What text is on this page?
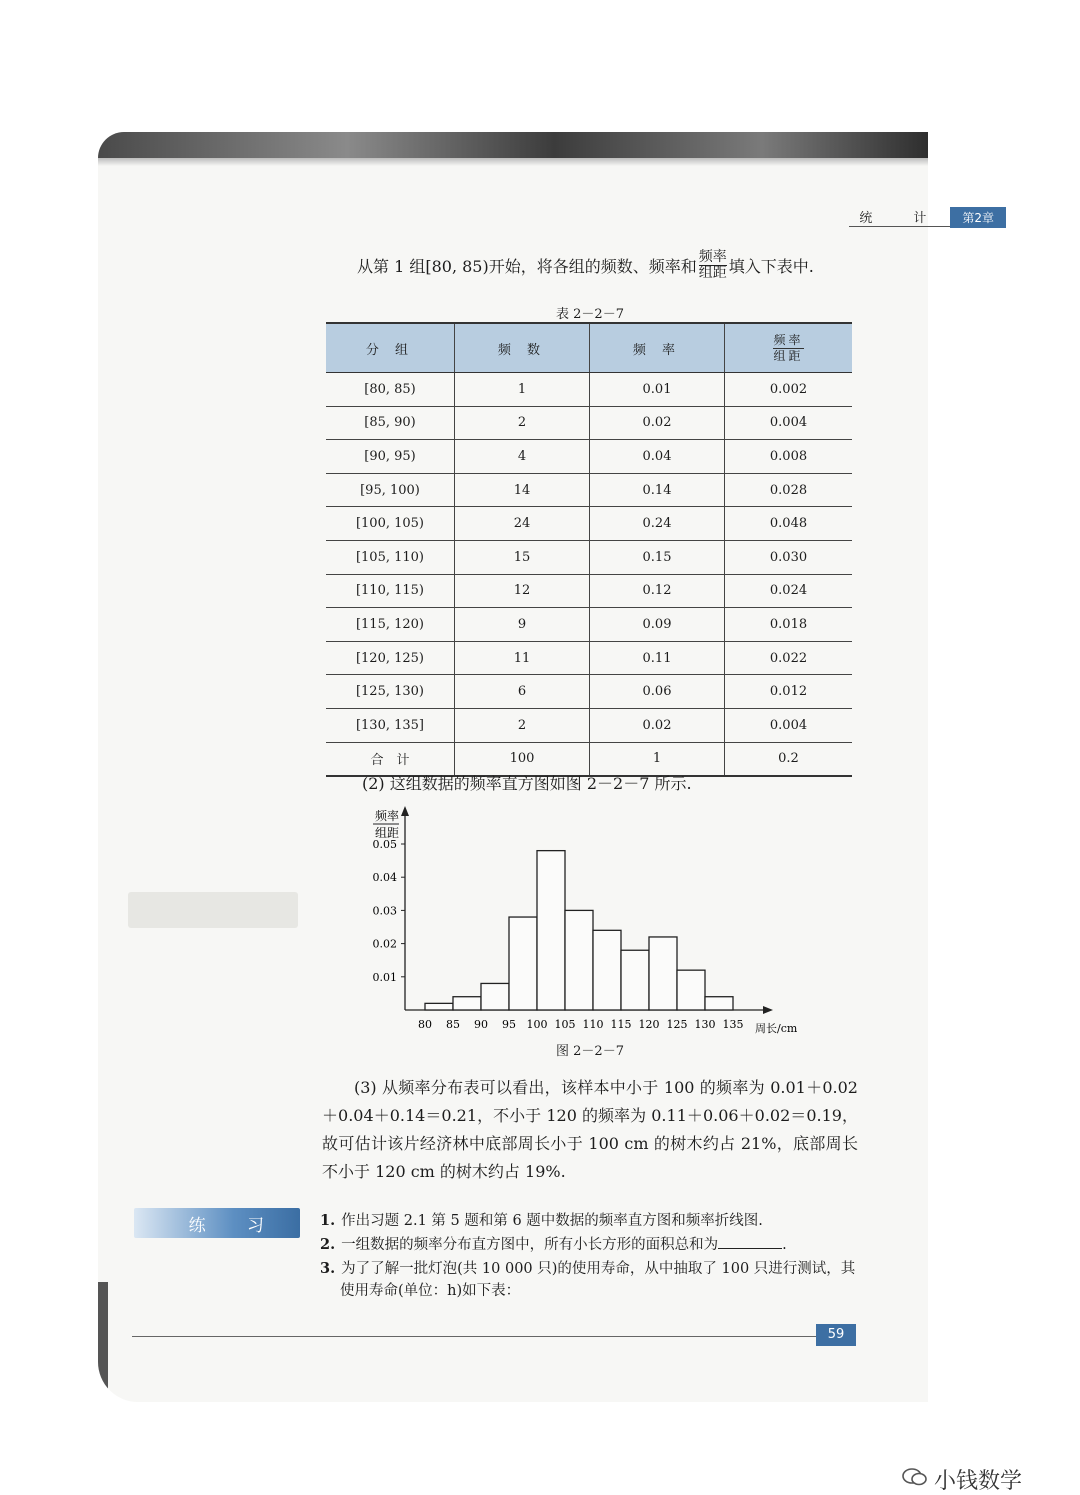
统　计	第2章
从第 1 组[80, 85)开始，将各组的频数、频率和 $\frac{\text{频率}}{\text{组距}}$ 填入下表中.
表 2－2－7
分 组	频 数	频 率	频率
组距

[80, 85)	1	0.01	0.002
[85, 90)	2	0.02	0.004
[90, 95)	4	0.04	0.008
[95, 100)	14	0.14	0.028
[100, 105)	24	0.24	0.048
[105, 110)	15	0.15	0.030
[110, 115)	12	0.12	0.024
[115, 120)	9	0.09	0.018
[120, 125)	11	0.11	0.022
[125, 130)	6	0.06	0.012
[130, 135]	2	0.02	0.004
合　计	100	1	0.2
(2) 这组数据的频率直方图如图 2－2－7 所示.
频率
组距
0.01
0.02
0.03
0.04
0.05
80 85 90 95 100 105 110 115 120 125 130 135 周长/cm
图 2－2－7
(3) 从频率分布表可以看出，该样本中小于 100 的频率为 0.01＋0.02＋0.04＋0.14＝0.21，不小于 120 的频率为 0.11＋0.06＋0.02＝0.19，故可估计该片经济林中底部周长小于 100 cm 的树木约占 21%，底部周长不小于 120 cm 的树木约占 19%.
练 习	1. 作出习题 2.1 第 5 题和第 6 题中数据的频率直方图和频率折线图.
2. 一组数据的频率分布直方图中，所有小长方形的面积总和为	.
3. 为了了解一批灯泡(共 10 000 只)的使用寿命，从中抽取了 100 只进行测试，其使用寿命(单位：h)如下表：
59
小钱数学
